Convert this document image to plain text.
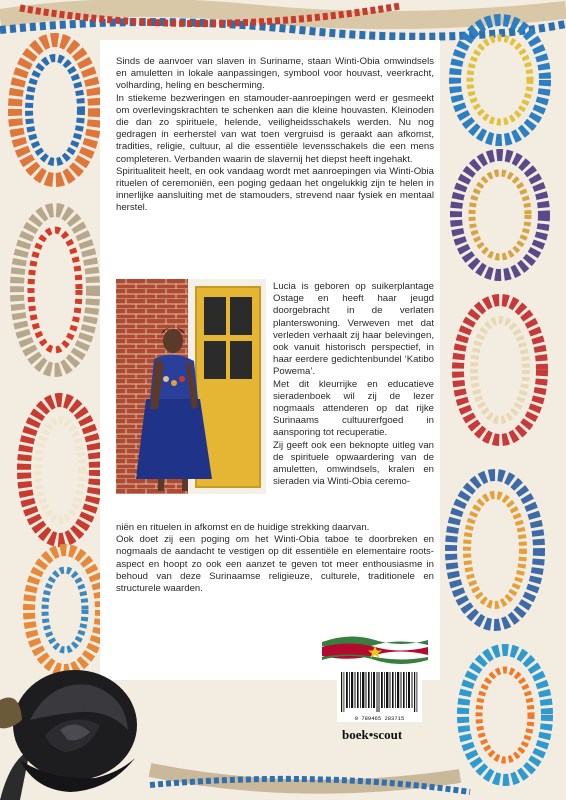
Sinds de aanvoer van slaven in Suriname, staan Winti-Obia omwindsels en amuletten in lokale aanpassingen, symbool voor houvast, veerkracht, volharding, heling en bescherming.

In stiekeme bezweringen en stamouder-aanroepingen werd er gesmeekt om overlevingskrachten te schenken aan die kleine houvasten. Kleinoden die dan zo spirituele, helende, veiligheidsschakels werden. Nu nog gedragen in eerherstel van wat toen vergruisd is geraakt aan afkomst, tradities, religie, cultuur, al die essentiële levensschakels die een mens completeren. Verbanden waarin de slavernij het diepst heeft ingehakt.

Spiritualiteit heelt, en ook vandaag wordt met aanroepingen via Winti-Obia rituelen of ceremoniën, een poging gedaan het ongelukkig zijn te helen in innerlijke aansluiting met de stamouders, strevend naar fysiek en mentaal herstel.

Lucia is geboren op suikerplantage Ostage en heeft haar jeugd doorgebracht in de verlaten planterswoning. Verweven met dat verleden verhaalt zij haar belevingen, ook vanuit historisch perspectief, in haar eerdere gedichtenbundel ‘Katibo Powema’.

Met dit kleurrijke en educatieve sieradenboek wil zij de lezer nogmaals attenderen op dat rijke Surinaams cultuurerfgoed in aansporing tot recuperatie.

Zij geeft ook een beknopte uitleg van de spirituele opwaardering van de amuletten, omwindsels, kralen en sieraden via Winti-Obia ceremo-

niën en rituelen in afkomst en de huidige strekking daarvan.

Ook doet zij een poging om het Winti-Obia taboe te doorbreken en nogmaals de aandacht te vestigen op dit essentiële en elementaire roots-aspect en hoopt zo ook een aanzet te geven tot meer enthousiasme in behoud van deze Surinaamse religieuze, culturele, traditionele en structurele waarden.

9 789465 283715
boek•scout
